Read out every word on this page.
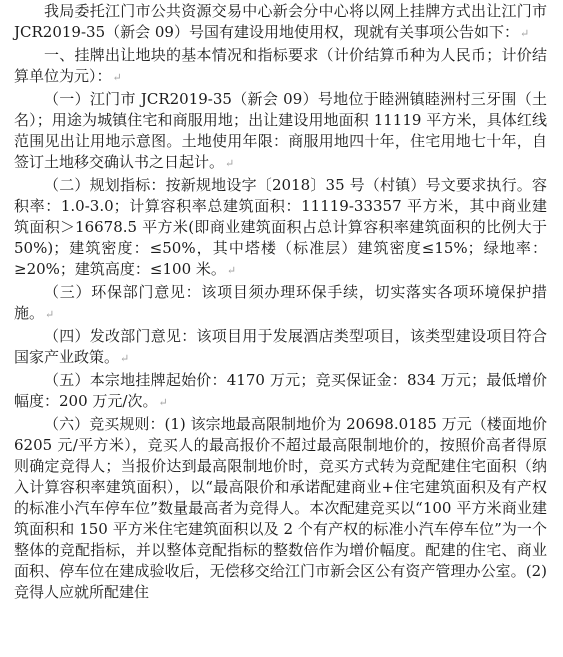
我局委托江门市公共资源交易中心新会分中心将以网上挂牌方式出让江门市 JCR2019-35（新会 09）号国有建设用地使用权，现就有关事项公告如下：↵

一、挂牌出让地块的基本情况和指标要求（计价结算币种为人民币；计价结算单位为元）：↵

（一）江门市 JCR2019-35（新会 09）号地位于睦洲镇睦洲村三牙围（土名）；用途为城镇住宅和商服用地；出让建设用地面积 11119 平方米，具体红线范围见出让用地示意图。土地使用年限：商服用地四十年，住宅用地七十年，自签订土地移交确认书之日起计。↵

（二）规划指标：按新规地设字〔2018〕35 号（村镇）号文要求执行。容积率：1.0-3.0；计算容积率总建筑面积：11119-33357 平方米，其中商业建筑面积＞16678.5 平方米(即商业建筑面积占总计算容积率建筑面积的比例大于 50%)；建筑密度：≤50%，其中塔楼（标准层）建筑密度≤15%；绿地率：≥20%；建筑高度：≤100 米。↵

（三）环保部门意见：该项目须办理环保手续，切实落实各项环境保护措施。↵

（四）发改部门意见：该项目用于发展酒店类型项目，该类型建设项目符合国家产业政策。↵

（五）本宗地挂牌起始价：4170 万元；竞买保证金：834 万元；最低增价幅度：200 万元/次。↵

（六）竞买规则：(1) 该宗地最高限制地价为 20698.0185 万元（楼面地价 6205 元/平方米），竞买人的最高报价不超过最高限制地价的，按照价高者得原则确定竞得人；当报价达到最高限制地价时，竞买方式转为竞配建住宅面积（纳入计算容积率建筑面积），以“最高限价和承诺配建商业+住宅建筑面积及有产权的标准小汽车停车位”数量最高者为竞得人。本次配建竞买以“100 平方米商业建筑面积和 150 平方米住宅建筑面积以及 2 个有产权的标准小汽车停车位”为一个整体的竞配指标，并以整体竞配指标的整数倍作为增价幅度。配建的住宅、商业面积、停车位在建成验收后，无偿移交给江门市新会区公有资产管理办公室。(2) 竞得人应就所配建住
